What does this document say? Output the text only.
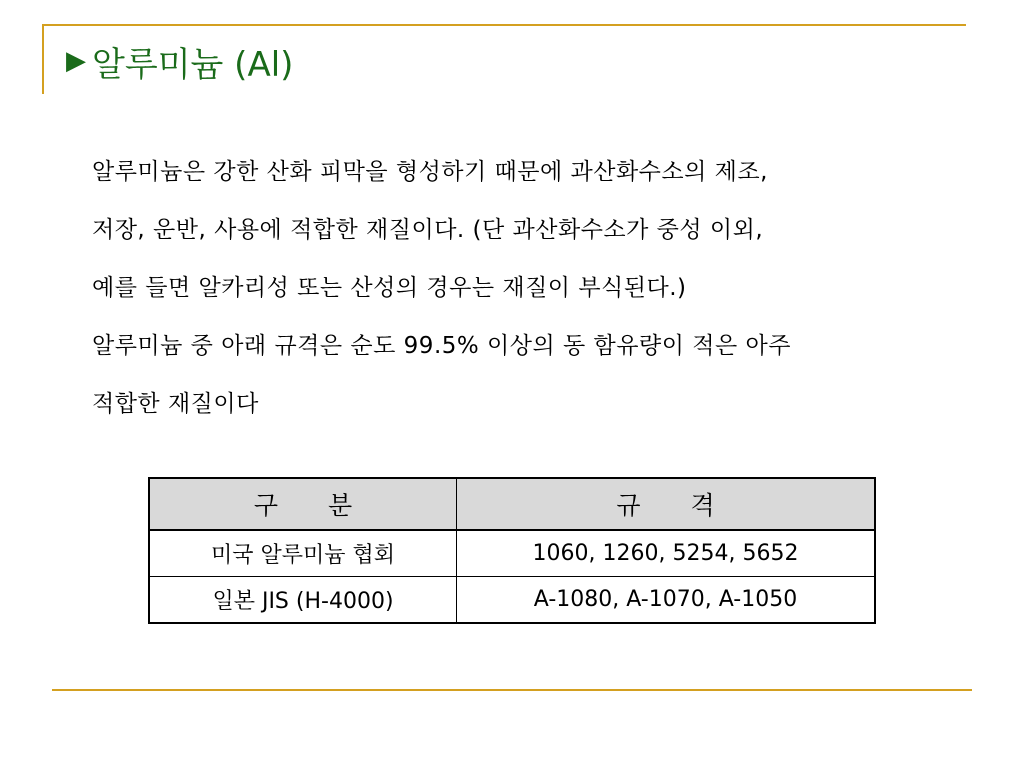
▶ 알루미늄 (Al)

알루미늄은 강한 산화 피막을 형성하기 때문에 과산화수소의 제조,
저장, 운반, 사용에 적합한 재질이다. (단 과산화수소가 중성 이외,
예를 들면 알카리성 또는 산성의 경우는 재질이 부식된다.)

알루미늄 중 아래 규격은 순도 99.5% 이상의 동 함유량이 적은 아주
적합한 재질이다

구　　분	규　　격
미국 알루미늄 협회	1060, 1260, 5254, 5652
일본 JIS (H-4000)	A-1080, A-1070, A-1050
